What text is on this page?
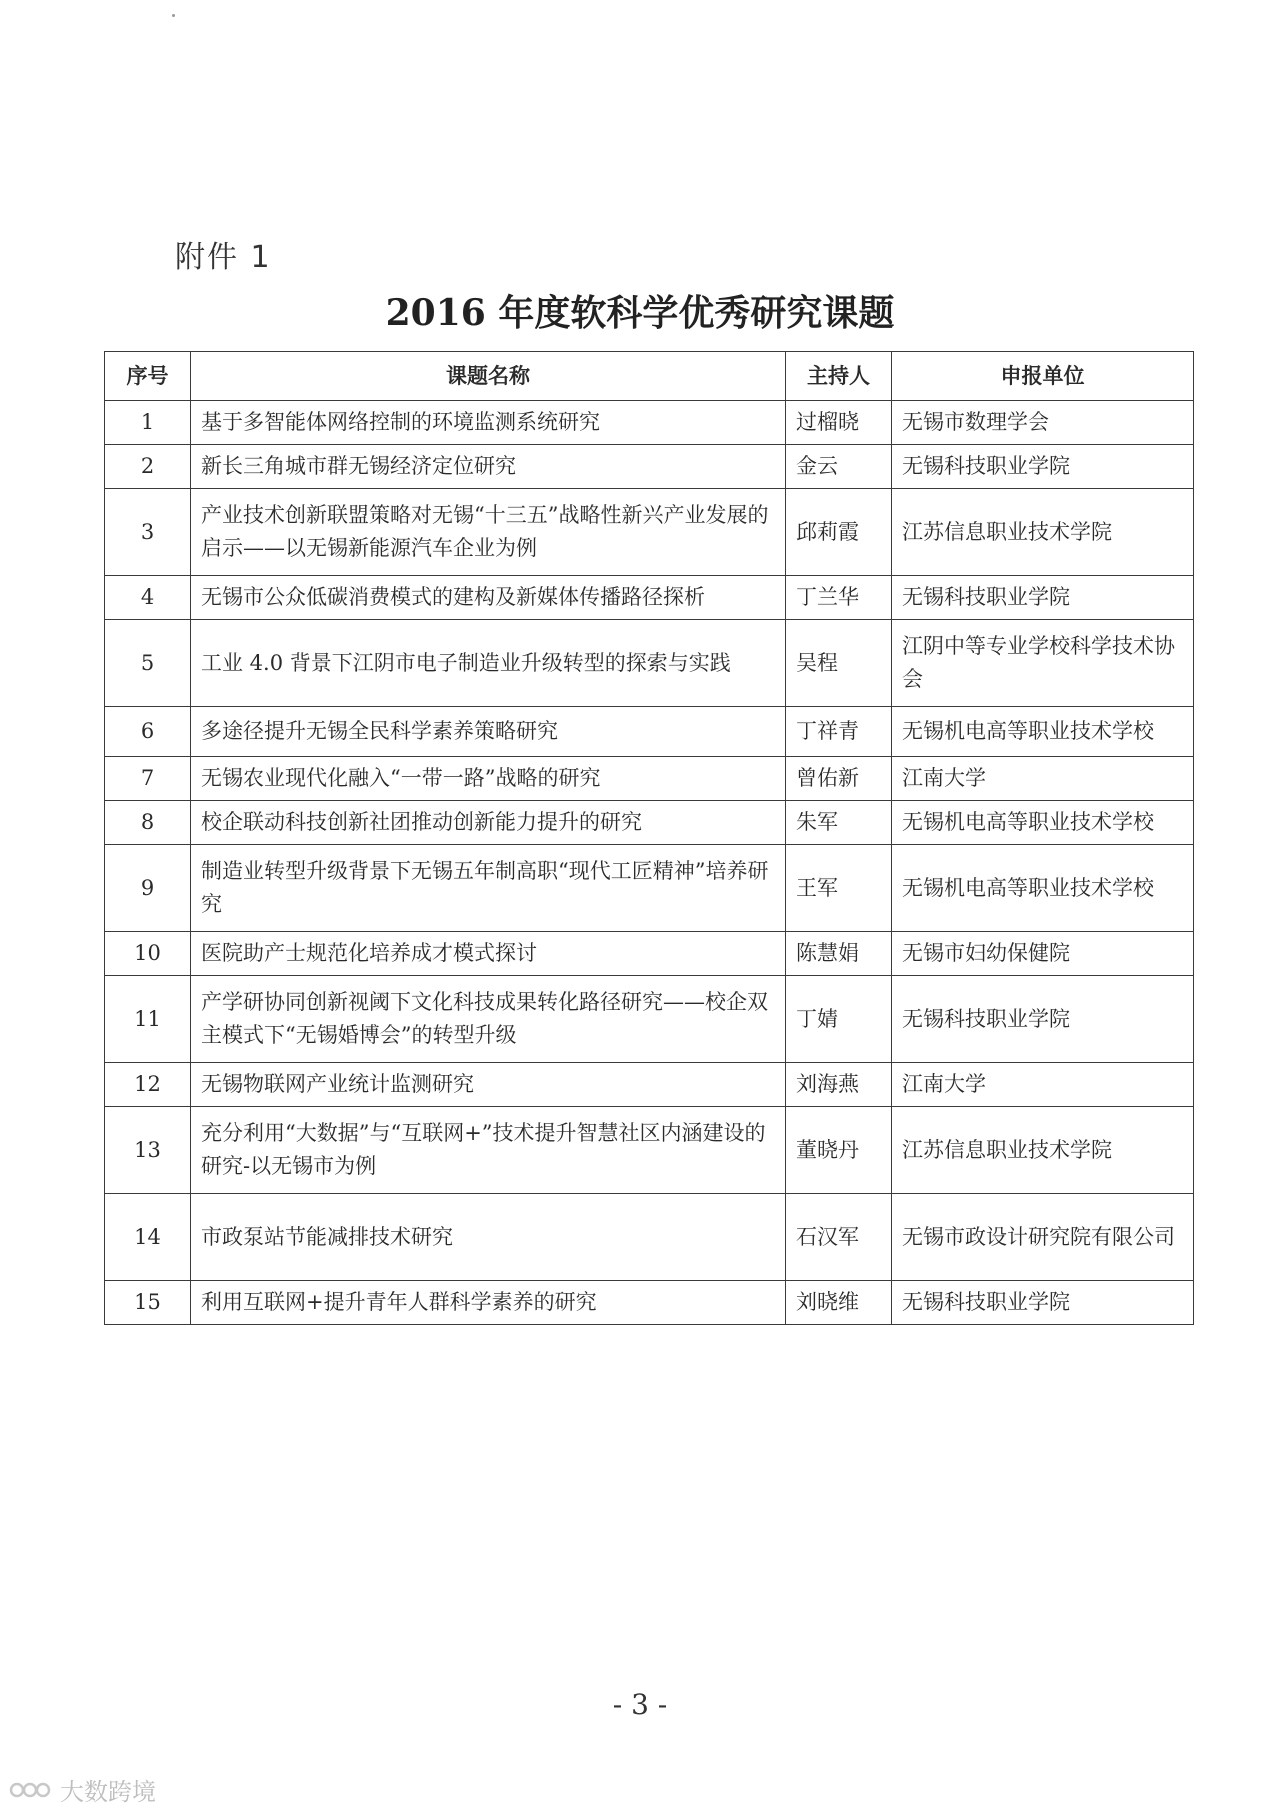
附件 1
2016 年度软科学优秀研究课题
序号	课题名称	主持人	申报单位
1	基于多智能体网络控制的环境监测系统研究	过榴晓	无锡市数理学会
2	新长三角城市群无锡经济定位研究	金云	无锡科技职业学院
3	产业技术创新联盟策略对无锡“十三五”战略性新兴产业发展的启示——以无锡新能源汽车企业为例	邱莉霞	江苏信息职业技术学院
4	无锡市公众低碳消费模式的建构及新媒体传播路径探析	丁兰华	无锡科技职业学院
5	工业 4.0 背景下江阴市电子制造业升级转型的探索与实践	吴程	江阴中等专业学校科学技术协会
6	多途径提升无锡全民科学素养策略研究	丁祥青	无锡机电高等职业技术学校
7	无锡农业现代化融入“一带一路”战略的研究	曾佑新	江南大学
8	校企联动科技创新社团推动创新能力提升的研究	朱军	无锡机电高等职业技术学校
9	制造业转型升级背景下无锡五年制高职“现代工匠精神”培养研究	王军	无锡机电高等职业技术学校
10	医院助产士规范化培养成才模式探讨	陈慧娟	无锡市妇幼保健院
11	产学研协同创新视阈下文化科技成果转化路径研究——校企双主模式下“无锡婚博会”的转型升级	丁婧	无锡科技职业学院
12	无锡物联网产业统计监测研究	刘海燕	江南大学
13	充分利用“大数据”与“互联网+”技术提升智慧社区内涵建设的研究-以无锡市为例	董晓丹	江苏信息职业技术学院
14	市政泵站节能减排技术研究	石汉军	无锡市政设计研究院有限公司
15	利用互联网+提升青年人群科学素养的研究	刘晓维	无锡科技职业学院
- 3 -
大数跨境
